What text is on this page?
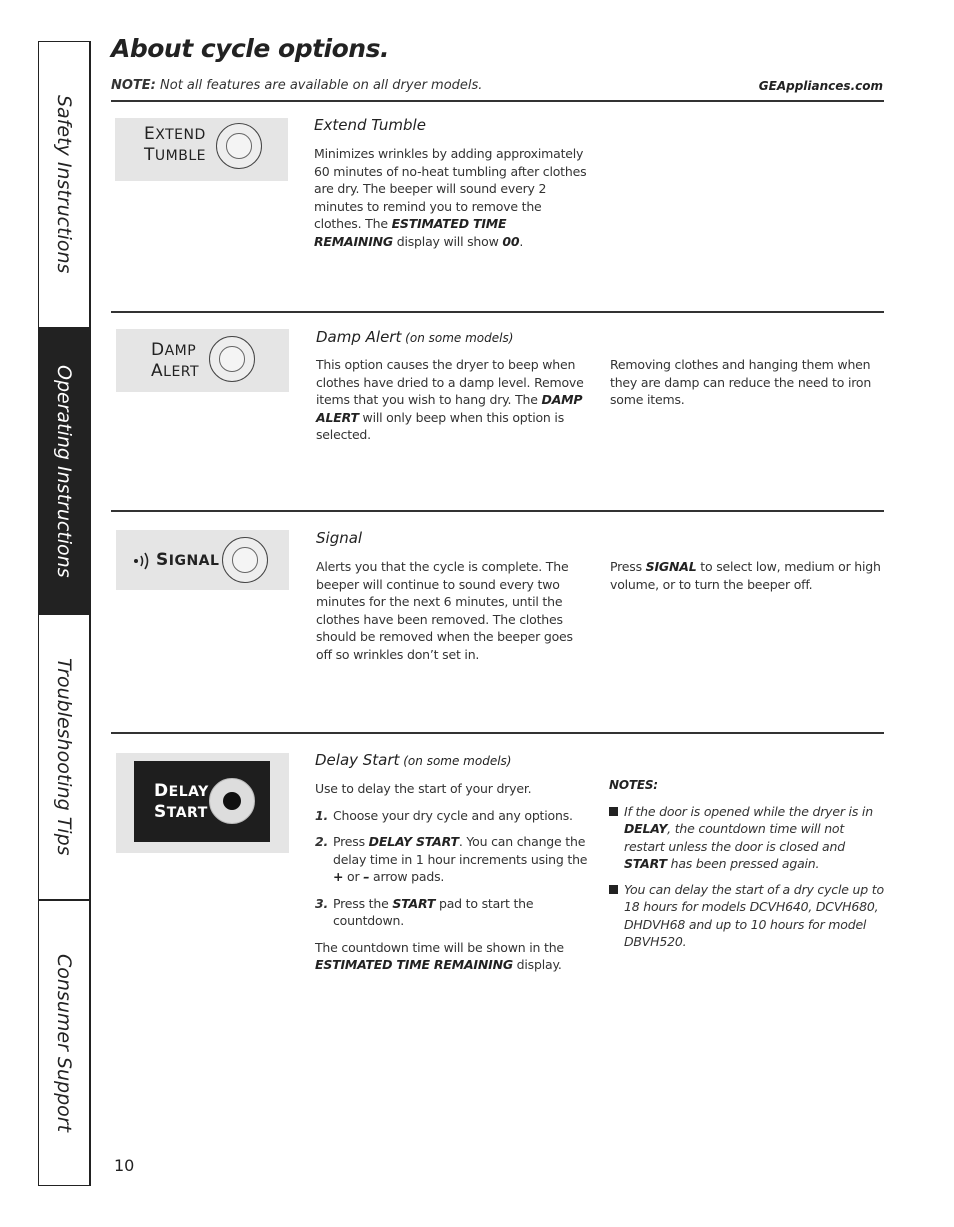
Safety Instructions
Operating Instructions
Troubleshooting Tips
Consumer Support
About cycle options.
NOTE: Not all features are available on all dryer models.	GEAppliances.com
EXTEND
TUMBLE
Extend Tumble
Minimizes wrinkles by adding approximately 60 minutes of no-heat tumbling after clothes are dry. The beeper will sound every 2 minutes to remind you to remove the clothes. The ESTIMATED TIME REMAINING display will show 00.
DAMP
ALERT
Damp Alert (on some models)
This option causes the dryer to beep when clothes have dried to a damp level. Remove items that you wish to hang dry. The DAMP ALERT will only beep when this option is selected.
Removing clothes and hanging them when they are damp can reduce the need to iron some items.
SIGNAL
Signal
Alerts you that the cycle is complete. The beeper will continue to sound every two minutes for the next 6 minutes, until the clothes have been removed. The clothes should be removed when the beeper goes off so wrinkles don’t set in.
Press SIGNAL to select low, medium or high volume, or to turn the beeper off.
DELAY
START
Delay Start (on some models)

Use to delay the start of your dryer.

1. Choose your dry cycle and any options.
2. Press DELAY START. You can change the delay time in 1 hour increments using the + or – arrow pads.
3. Press the START pad to start the countdown.

The countdown time will be shown in the ESTIMATED TIME REMAINING display.

NOTES:
If the door is opened while the dryer is in DELAY, the countdown time will not restart unless the door is closed and START has been pressed again.
You can delay the start of a dry cycle up to 18 hours for models DCVH640, DCVH680, DHDVH68 and up to 10 hours for model DBVH520.
10
